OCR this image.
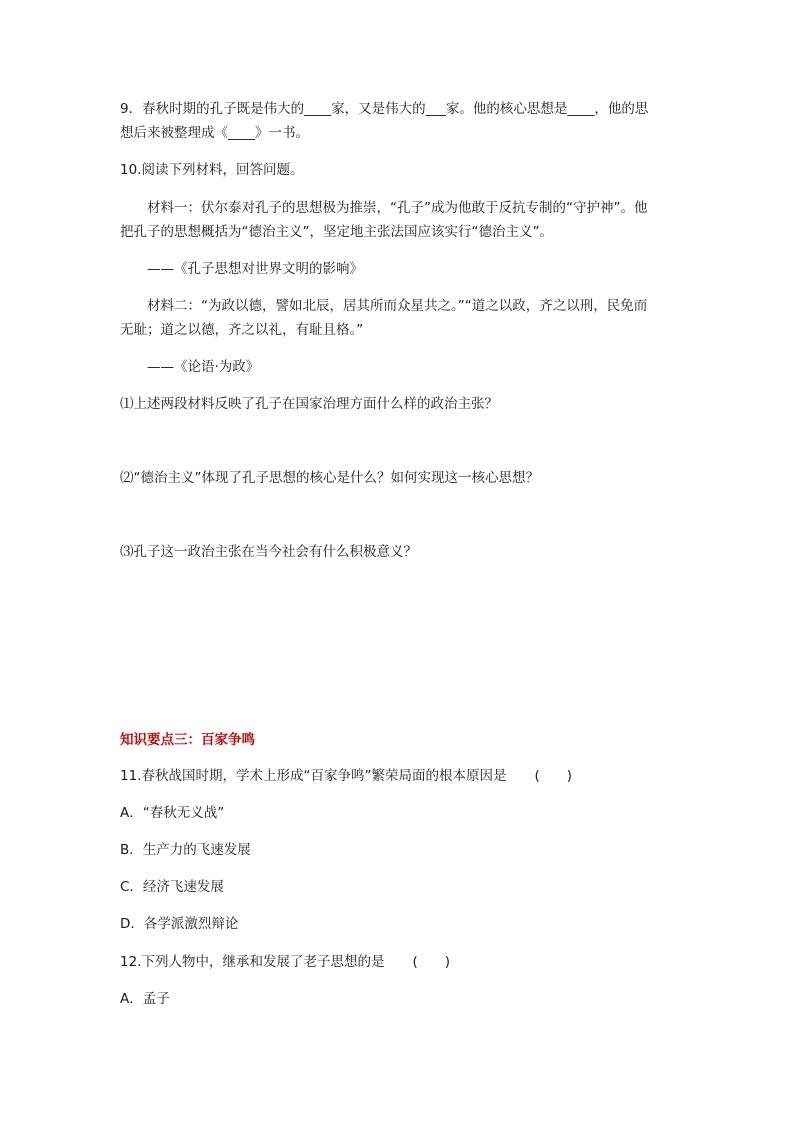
9．春秋时期的孔子既是伟大的____家，又是伟大的___家。他的核心思想是____，他的思
想后来被整理成《____》一书。
10.阅读下列材料，回答问题。
材料一：伏尔泰对孔子的思想极为推崇，“孔子”成为他敢于反抗专制的“守护神”。他
把孔子的思想概括为“德治主义”，坚定地主张法国应该实行“德治主义”。
——《孔子思想对世界文明的影响》
材料二：“为政以德，譬如北辰，居其所而众星共之。”“道之以政，齐之以刑，民免而
无耻；道之以德，齐之以礼，有耻且格。”
——《论语·为政》
⑴上述两段材料反映了孔子在国家治理方面什么样的政治主张？
⑵“德治主义”体现了孔子思想的核心是什么？如何实现这一核心思想？
⑶孔子这一政治主张在当今社会有什么积极意义？
知识要点三：百家争鸣
11.春秋战国时期，学术上形成“百家争鸣”繁荣局面的根本原因是 (　　)
A．“春秋无义战”
B．生产力的飞速发展
C．经济飞速发展
D．各学派激烈辩论
12.下列人物中，继承和发展了老子思想的是 (　　)
A．孟子
